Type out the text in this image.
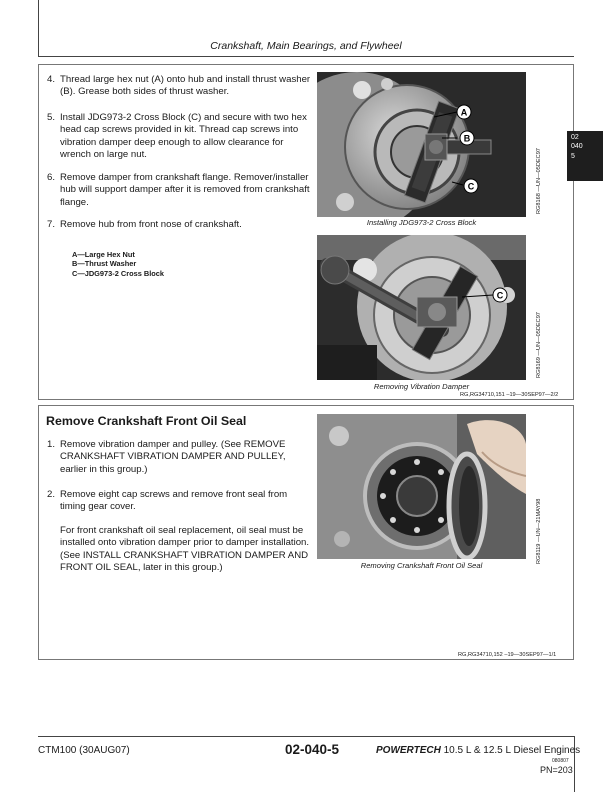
Crankshaft, Main Bearings, and Flywheel
4. Thread large hex nut (A) onto hub and install thrust washer (B). Grease both sides of thrust washer.
5. Install JDG973-2 Cross Block (C) and secure with two hex head cap screws provided in kit. Thread cap screws into vibration damper deep enough to allow clearance for wrench on large nut.
6. Remove damper from crankshaft flange. Remover/installer hub will support damper after it is removed from crankshaft flange.
7. Remove hub from front nose of crankshaft.
A—Large Hex Nut
B—Thrust Washer
C—JDG973-2 Cross Block
A
B
C
Installing JDG973-2 Cross Block
RG8168 —UN—05DEC97
C
Removing Vibration Damper
RG8169 —UN—05DEC97
RG,RG34710,151 –19—30SEP97—2/2
02
040
5
Remove Crankshaft Front Oil Seal
1. Remove vibration damper and pulley. (See REMOVE CRANKSHAFT VIBRATION DAMPER AND PULLEY, earlier in this group.)
2. Remove eight cap screws and remove front seal from timing gear cover.
For front crankshaft oil seal replacement, oil seal must be installed onto vibration damper prior to damper installation. (See INSTALL CRANKSHAFT VIBRATION DAMPER AND FRONT OIL SEAL, later in this group.)	Removing Crankshaft Front Oil Seal
RG8119 —UN—21MAY98
RG,RG34710,152 –19—30SEP97—1/1
CTM100 (30AUG07)	02-040-5	POWERTECH 10.5 L & 12.5 L Diesel Engines
080807
PN=203
